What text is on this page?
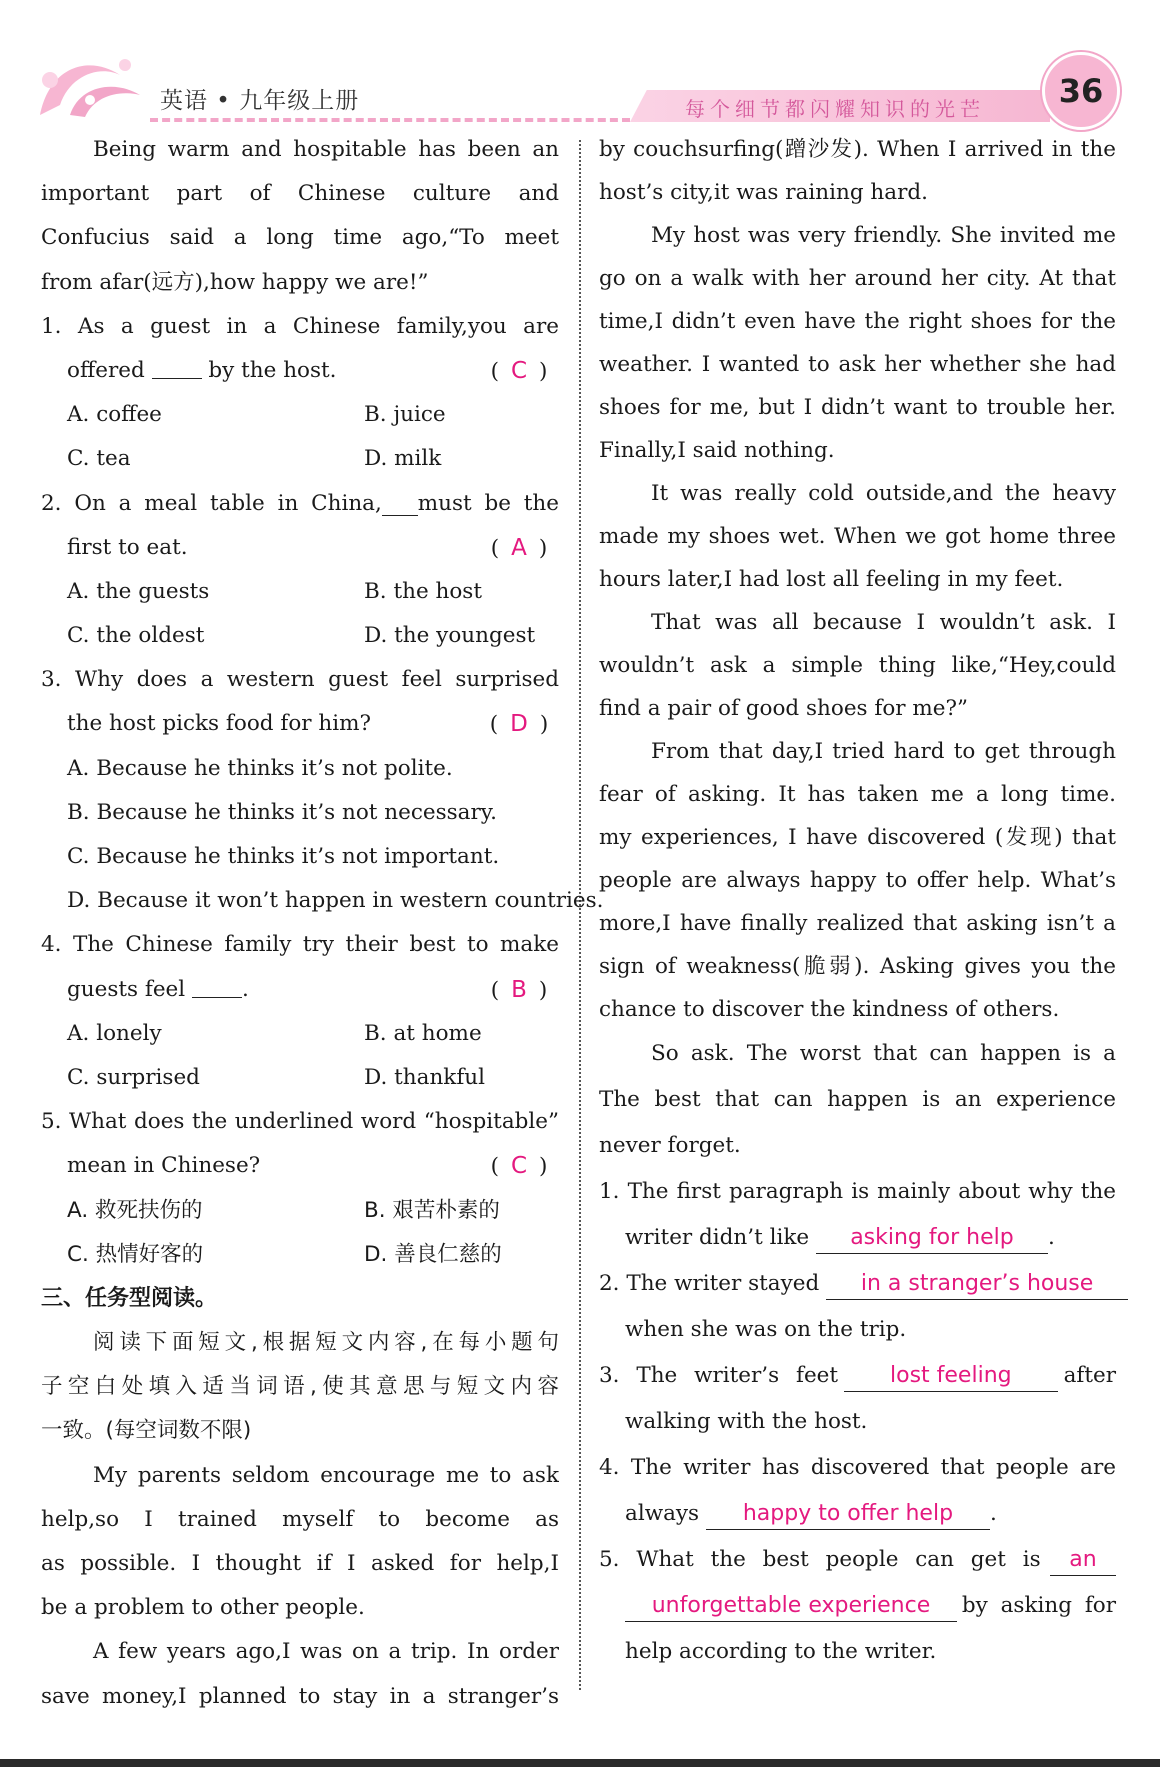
英语 • 九年级上册	每个细节都闪耀知识的光芒 36
Being warm and hospitable has been an
important part of Chinese culture and
Confucius said a long time ago,“To meet
from afar(远方),how happy we are!”
1. As a guest in a Chinese family,you are
offered	by the host.	( C )
A. coffee	B. juice
C. tea	D. milk
2. On a meal table in China, must be the
first to eat.	( A )
A. the guests	B. the host
C. the oldest	D. the youngest
3. Why does a western guest feel surprised
the host picks food for him?	( D )
A. Because he thinks it’s not polite.
B. Because he thinks it’s not necessary.
C. Because he thinks it’s not important.
D. Because it won’t happen in western countries.
4. The Chinese family try their best to make
guests feel	.	( B )
A. lonely	B. at home
C. surprised	D. thankful
5. What does the underlined word “hospitable”
mean in Chinese?	( C )
A. 救死扶伤的	B. 艰苦朴素的
C. 热情好客的	D. 善良仁慈的
三、任务型阅读。
阅读下面短文,根据短文内容,在每小题句
子空白处填入适当词语,使其意思与短文内容
一致。(每空词数不限)
My parents seldom encourage me to ask
help,so I trained myself to become as
as possible. I thought if I asked for help,I
be a problem to other people.
A few years ago,I was on a trip. In order
save money,I planned to stay in a stranger’s
by couchsurfing(蹭沙发). When I arrived in the
host’s city,it was raining hard.
My host was very friendly. She invited me
go on a walk with her around her city. At that
time,I didn’t even have the right shoes for the
weather. I wanted to ask her whether she had
shoes for me, but I didn’t want to trouble her.
Finally,I said nothing.
It was really cold outside,and the heavy
made my shoes wet. When we got home three
hours later,I had lost all feeling in my feet.
That was all because I wouldn’t ask. I
wouldn’t ask a simple thing like,“Hey,could
find a pair of good shoes for me?”
From that day,I tried hard to get through
fear of asking. It has taken me a long time.
my experiences, I have discovered (发现) that
people are always happy to offer help. What’s
more,I have finally realized that asking isn’t a
sign of weakness(脆弱). Asking gives you the
chance to discover the kindness of others.
So ask. The worst that can happen is a
The best that can happen is an experience
never forget.
1. The first paragraph is mainly about why the
writer didn’t like asking for help .
2. The writer stayed in a stranger’s house
when she was on the trip.
3. The writer’s feet	lost feeling	after
walking with the host.
4. The writer has discovered that people are
always happy to offer help .
5. What the best people can get is	an
unforgettable experience	by asking for
help according to the writer.
